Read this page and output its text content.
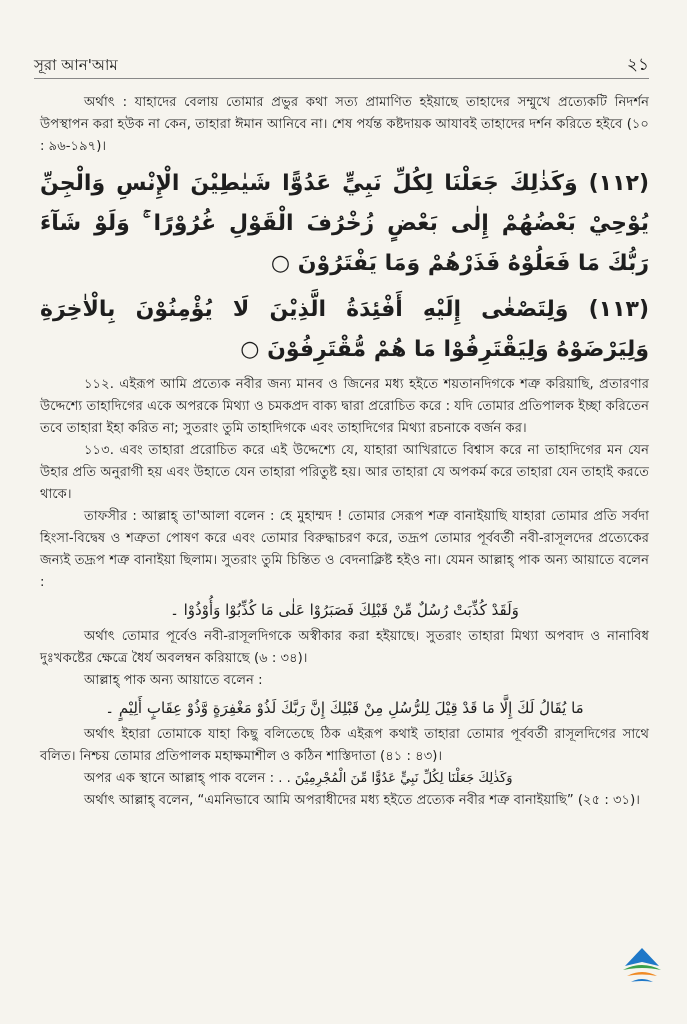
সূরা আন'আম	২১

অর্থাৎ : যাহাদের বেলায় তোমার প্রভুর কথা সত্য প্রামাণিত হইয়াছে তাহাদের সম্মুখে প্রত্যেকটি নিদর্শন উপস্থাপন করা হউক না কেন, তাহারা ঈমান আনিবে না। শেষ পর্যন্ত কষ্টদায়ক আযাবই তাহাদের দর্শন করিতে হইবে (১০ : ৯৬-১৯৭)।

(١١٢) وَكَذٰلِكَ جَعَلْنَا لِكُلِّ نَبِيٍّ عَدُوًّا شَيٰطِيْنَ الْإِنْسِ وَالْجِنِّ يُوْحِيْ بَعْضُهُمْ إِلٰى بَعْضٍ زُخْرُفَ الْقَوْلِ غُرُوْرًا ۚ وَلَوْ شَآءَ رَبُّكَ مَا فَعَلُوْهُ فَذَرْهُمْ وَمَا يَفْتَرُوْنَ ○
(١١٣) وَلِتَصْغٰى إِلَيْهِ أَفْئِدَةُ الَّذِيْنَ لَا يُؤْمِنُوْنَ بِالْاٰخِرَةِ وَلِيَرْضَوْهُ وَلِيَقْتَرِفُوْا مَا هُمْ مُّقْتَرِفُوْنَ ○

১১২. এইরূপ আমি প্রত্যেক নবীর জন্য মানব ও জিনের মধ্য হইতে শয়তানদিগকে শত্রু করিয়াছি, প্রতারণার উদ্দেশ্যে তাহাদিগের একে অপরকে মিথ্যা ও চমকপ্রদ বাক্য দ্বারা প্ররোচিত করে : যদি তোমার প্রতিপালক ইচ্ছা করিতেন তবে তাহারা ইহা করিত না; সুতরাং তুমি তাহাদিগকে এবং তাহাদিগের মিথ্যা রচনাকে বর্জন কর।

১১৩. এবং তাহারা প্ররোচিত করে এই উদ্দেশ্যে যে, যাহারা আখিরাতে বিশ্বাস করে না তাহাদিগের মন যেন উহার প্রতি অনুরাগী হয় এবং উহাতে যেন তাহারা পরিতুষ্ট হয়। আর তাহারা যে অপকর্ম করে তাহারা যেন তাহাই করতে থাকে।

তাফসীর : আল্লাহ্ তা'আলা বলেন : হে মুহাম্মদ ! তোমার সেরূপ শত্রু বানাইয়াছি যাহারা তোমার প্রতি সর্বদা হিংসা-বিদ্বেষ ও শত্রুতা পোষণ করে এবং তোমার বিরুদ্ধাচরণ করে, তদ্রূপ তোমার পূর্ববর্তী নবী-রাসূলদের প্রত্যেকের জন্যই তদ্রূপ শত্রু বানাইয়া ছিলাম। সুতরাং তুমি চিন্তিত ও বেদনাক্লিষ্ট হইও না। যেমন আল্লাহ্ পাক অন্য আয়াতে বলেন :

وَلَقَدْ كُذِّبَتْ رُسُلٌ مِّنْ قَبْلِكَ فَصَبَرُوْا عَلٰى مَا كُذِّبُوْا وَأُوْذُوْا ۔

অর্থাৎ তোমার পূর্বেও নবী-রাসূলদিগকে অস্বীকার করা হইয়াছে। সুতরাং তাহারা মিথ্যা অপবাদ ও নানাবিধ দুঃখকষ্টের ক্ষেত্রে ধৈর্য অবলম্বন করিয়াছে (৬ : ৩৪)।

আল্লাহ্ পাক অন্য আয়াতে বলেন :

مَا يُقَالُ لَكَ إِلَّا مَا قَدْ قِيْلَ لِلرُّسُلِ مِنْ قَبْلِكَ إِنَّ رَبَّكَ لَذُوْ مَغْفِرَةٍ وَّذُوْ عِقَابٍ أَلِيْمٍ ۔

অর্থাৎ ইহারা তোমাকে যাহা কিছু বলিতেছে ঠিক এইরূপ কথাই তাহারা তোমার পূর্ববর্তী রাসূলদিগের সাথে বলিত। নিশ্চয় তোমার প্রতিপালক মহাক্ষমাশীল ও কঠিন শাস্তিদাতা (৪১ : ৪৩)।

অপর এক স্থানে আল্লাহ্ পাক বলেন : . وَكَذٰلِكَ جَعَلْنَا لِكُلِّ نَبِيٍّ عَدُوًّا مِّنَ الْمُجْرِمِيْنَ .

অর্থাৎ আল্লাহ্ বলেন, “এমনিভাবে আমি অপরাধীদের মধ্য হইতে প্রত্যেক নবীর শত্রু বানাইয়াছি” (২৫ : ৩১)।
